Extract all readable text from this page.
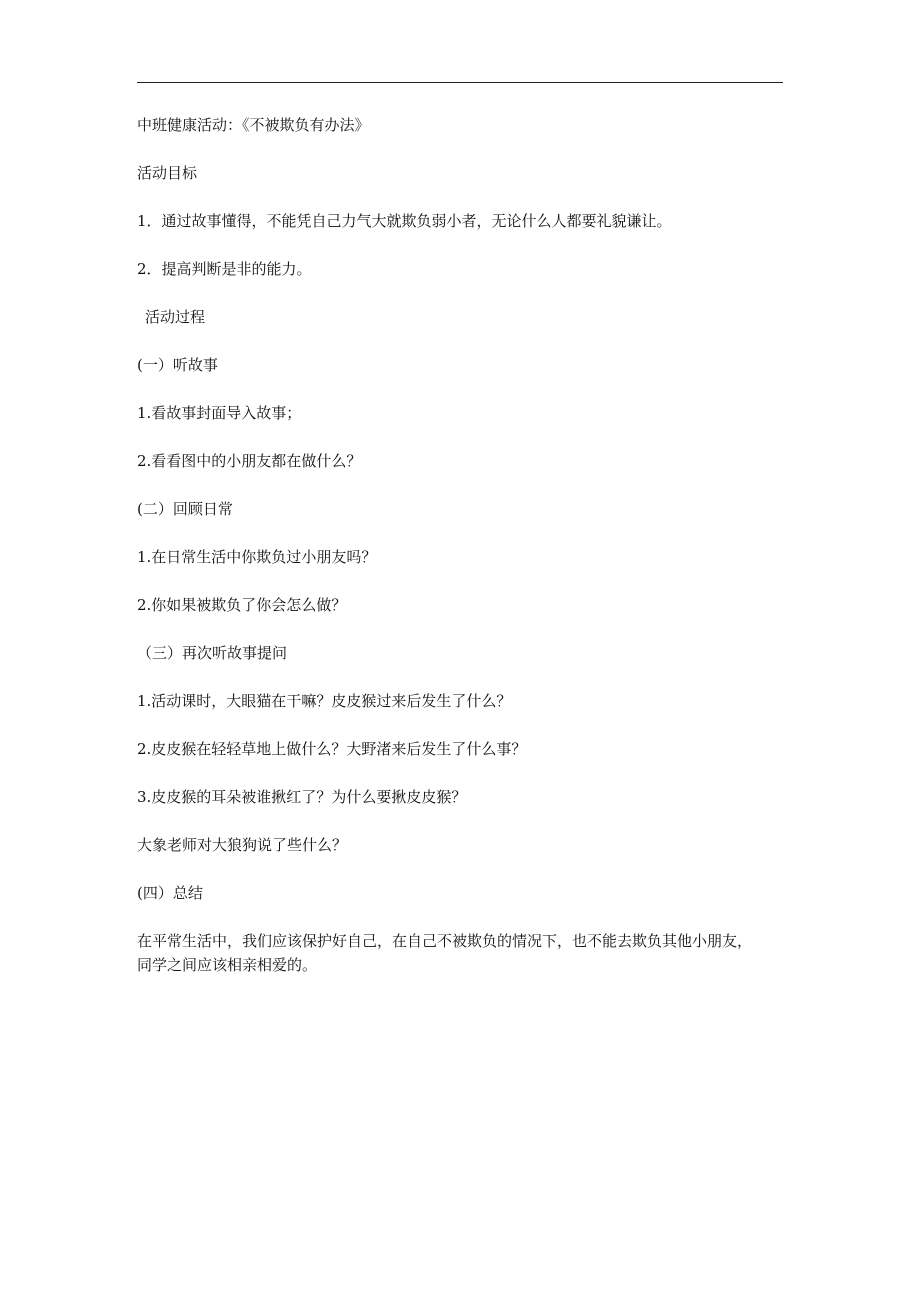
中班健康活动：《不被欺负有办法》

活动目标

1．通过故事懂得，不能凭自己力气大就欺负弱小者，无论什么人都要礼貌谦让。

2．提高判断是非的能力。

活动过程

(一）听故事

1.看故事封面导入故事；

2.看看图中的小朋友都在做什么？

(二）回顾日常

1.在日常生活中你欺负过小朋友吗？

2.你如果被欺负了你会怎么做？

（三）再次听故事提问

1.活动课时，大眼猫在干嘛？皮皮猴过来后发生了什么？

2.皮皮猴在轻轻草地上做什么？大野渚来后发生了什么事？

3.皮皮猴的耳朵被谁揪红了？为什么要揪皮皮猴？

大象老师对大狼狗说了些什么？

(四）总结

在平常生活中，我们应该保护好自己，在自己不被欺负的情况下，也不能去欺负其他小朋友，

同学之间应该相亲相爱的。
